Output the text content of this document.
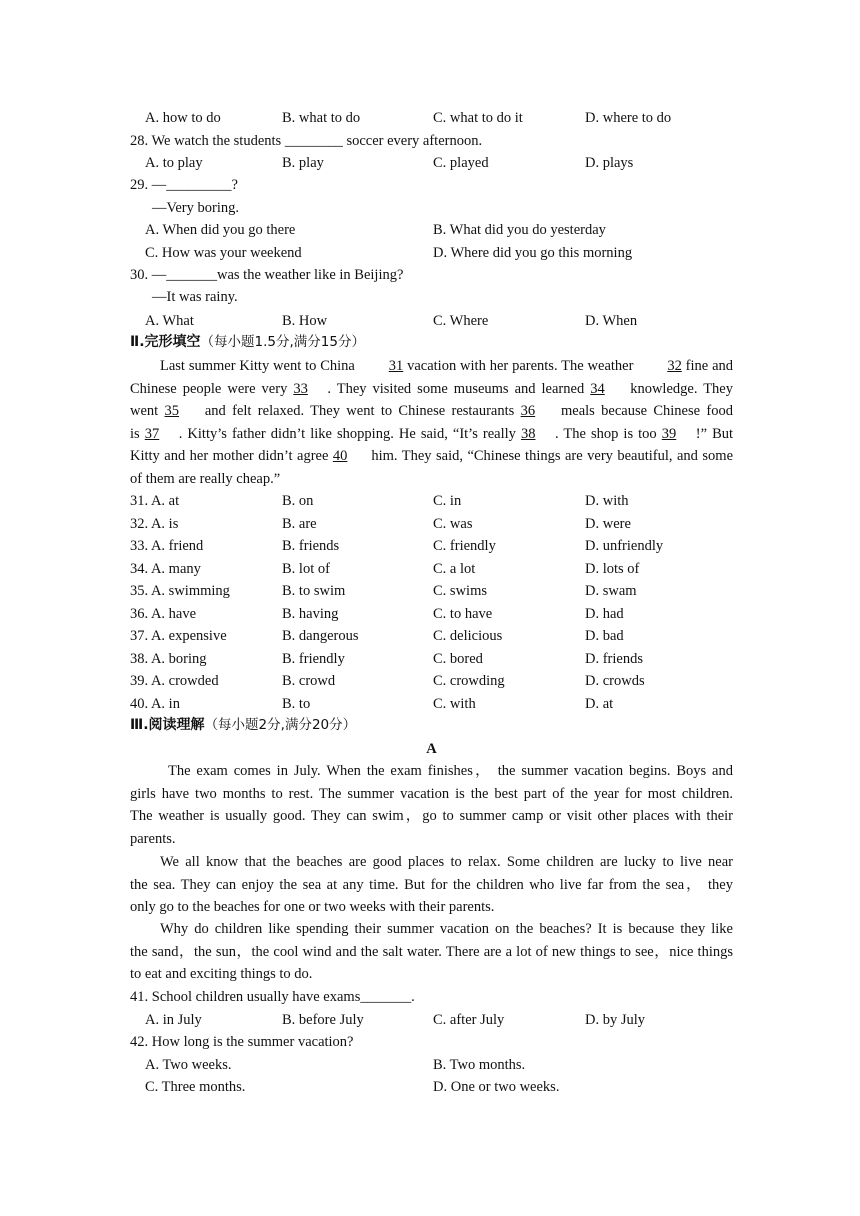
A. how to do	B. what to do	C. what to do it	D. where to do
28. We watch the students ________ soccer every afternoon.
A. to play	B. play	C. played	D. plays
29. —_________?
—Very boring.
A. When did you go there	B. What did you do yesterday
C. How was your weekend	D. Where did you go this morning
30. —_______was the weather like in Beijing?
—It was rainy.
A. What	B. How	C. Where	D. When
Ⅱ.完形填空（每小题1.5分,满分15分）
Last summer Kitty went to China 31 vacation with her parents. The weather 32 fine and
Chinese people were very 33 . They visited some museums and learned 34 knowledge. They
went 35 and felt relaxed. They went to Chinese restaurants 36 meals because Chinese food
is 37 . Kitty’s father didn’t like shopping. He said, “It’s really 38 . The shop is too 39 !” But
Kitty and her mother didn’t agree 40 him. They said, “Chinese things are very beautiful, and some
of them are really cheap.”
31. A. at	B. on	C. in	D. with
32. A. is	B. are	C. was	D. were
33. A. friend	B. friends	C. friendly	D. unfriendly
34. A. many	B. lot of	C. a lot	D. lots of
35. A. swimming	B. to swim	C. swims	D. swam
36. A. have	B. having	C. to have	D. had
37. A. expensive	B. dangerous	C. delicious	D. bad
38. A. boring	B. friendly	C. bored	D. friends
39. A. crowded	B. crowd	C. crowding	D. crowds
40. A. in	B. to	C. with	D. at
Ⅲ.阅读理解（每小题2分,满分20分）
A
The exam comes in July. When the exam finishes， the summer vacation begins. Boys and
girls have two months to rest. The summer vacation is the best part of the year for most children.
The weather is usually good. They can swim，go to summer camp or visit other places with their
parents.
We all know that the beaches are good places to relax. Some children are lucky to live near
the sea. They can enjoy the sea at any time. But for the children who live far from the sea， they
only go to the beaches for one or two weeks with their parents.
Why do children like spending their summer vacation on the beaches? It is because they like
the sand，the sun，the cool wind and the salt water. There are a lot of new things to see，nice things
to eat and exciting things to do.
41. School children usually have exams_______.
A. in July	B. before July	C. after July	D. by July
42. How long is the summer vacation?
A. Two weeks.	B. Two months.
C. Three months.	D. One or two weeks.
